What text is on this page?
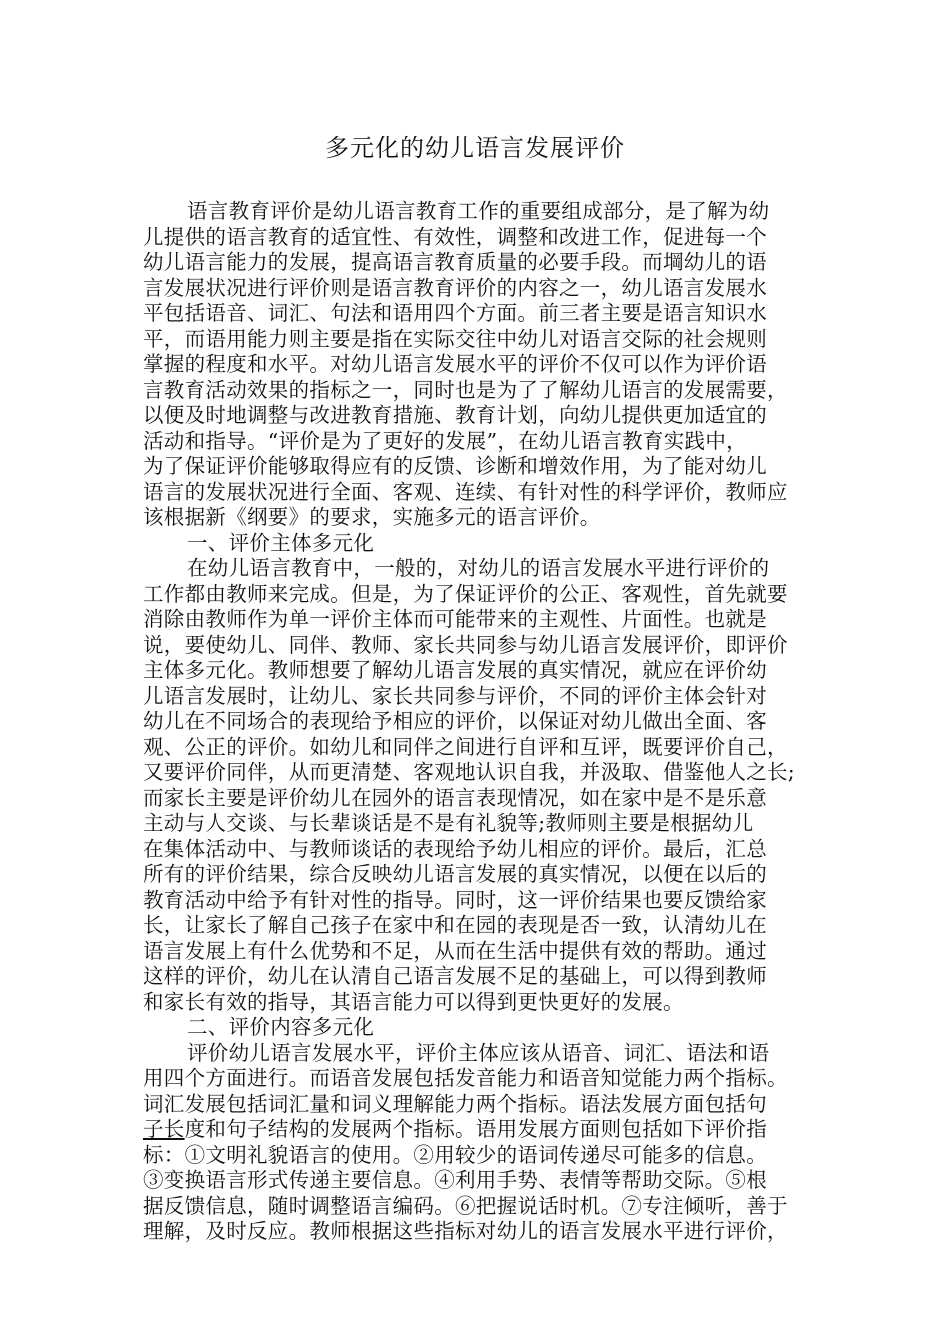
多元化的幼儿语言发展评价
语言教育评价是幼儿语言教育工作的重要组成部分，是了解为幼
儿提供的语言教育的适宜性、有效性，调整和改进工作，促进每一个
幼儿语言能力的发展，提高语言教育质量的必要手段。而堈幼儿的语
言发展状况进行评价则是语言教育评价的内容之一，幼儿语言发展水
平包括语音、词汇、句法和语用四个方面。前三者主要是语言知识水
平，而语用能力则主要是指在实际交往中幼儿对语言交际的社会规则
掌握的程度和水平。对幼儿语言发展水平的评价不仅可以作为评价语
言教育活动效果的指标之一，同时也是为了了解幼儿语言的发展需要，
以便及时地调整与改进教育措施、教育计划，向幼儿提供更加适宜的
活动和指导。“评价是为了更好的发展”，在幼儿语言教育实践中，
为了保证评价能够取得应有的反馈、诊断和增效作用，为了能对幼儿
语言的发展状况进行全面、客观、连续、有针对性的科学评价，教师应
该根据新《纲要》的要求，实施多元的语言评价。
一、评价主体多元化
在幼儿语言教育中，一般的，对幼儿的语言发展水平进行评价的
工作都由教师来完成。但是，为了保证评价的公正、客观性，首先就要
消除由教师作为单一评价主体而可能带来的主观性、片面性。也就是
说，要使幼儿、同伴、教师、家长共同参与幼儿语言发展评价，即评价
主体多元化。教师想要了解幼儿语言发展的真实情况，就应在评价幼
儿语言发展时，让幼儿、家长共同参与评价，不同的评价主体会针对
幼儿在不同场合的表现给予相应的评价，以保证对幼儿做出全面、客
观、公正的评价。如幼儿和同伴之间进行自评和互评，既要评价自己，
又要评价同伴，从而更清楚、客观地认识自我，并汲取、借鉴他人之长;
而家长主要是评价幼儿在园外的语言表现情况，如在家中是不是乐意
主动与人交谈、与长辈谈话是不是有礼貌等;教师则主要是根据幼儿
在集体活动中、与教师谈话的表现给予幼儿相应的评价。最后，汇总
所有的评价结果，综合反映幼儿语言发展的真实情况，以便在以后的
教育活动中给予有针对性的指导。同时，这一评价结果也要反馈给家
长，让家长了解自己孩子在家中和在园的表现是否一致，认清幼儿在
语言发展上有什么优势和不足，从而在生活中提供有效的帮助。通过
这样的评价，幼儿在认清自己语言发展不足的基础上，可以得到教师
和家长有效的指导，其语言能力可以得到更快更好的发展。
二、评价内容多元化
评价幼儿语言发展水平，评价主体应该从语音、词汇、语法和语
用四个方面进行。而语音发展包括发音能力和语音知觉能力两个指标。
词汇发展包括词汇量和词义理解能力两个指标。语法发展方面包括句
子长度和句子结构的发展两个指标。语用发展方面则包括如下评价指
标：①文明礼貌语言的使用。②用较少的语词传递尽可能多的信息。
③变换语言形式传递主要信息。④利用手势、表情等帮助交际。⑤根
据反馈信息，随时调整语言编码。⑥把握说话时机。⑦专注倾听，善于
理解，及时反应。教师根据这些指标对幼儿的语言发展水平进行评价，
